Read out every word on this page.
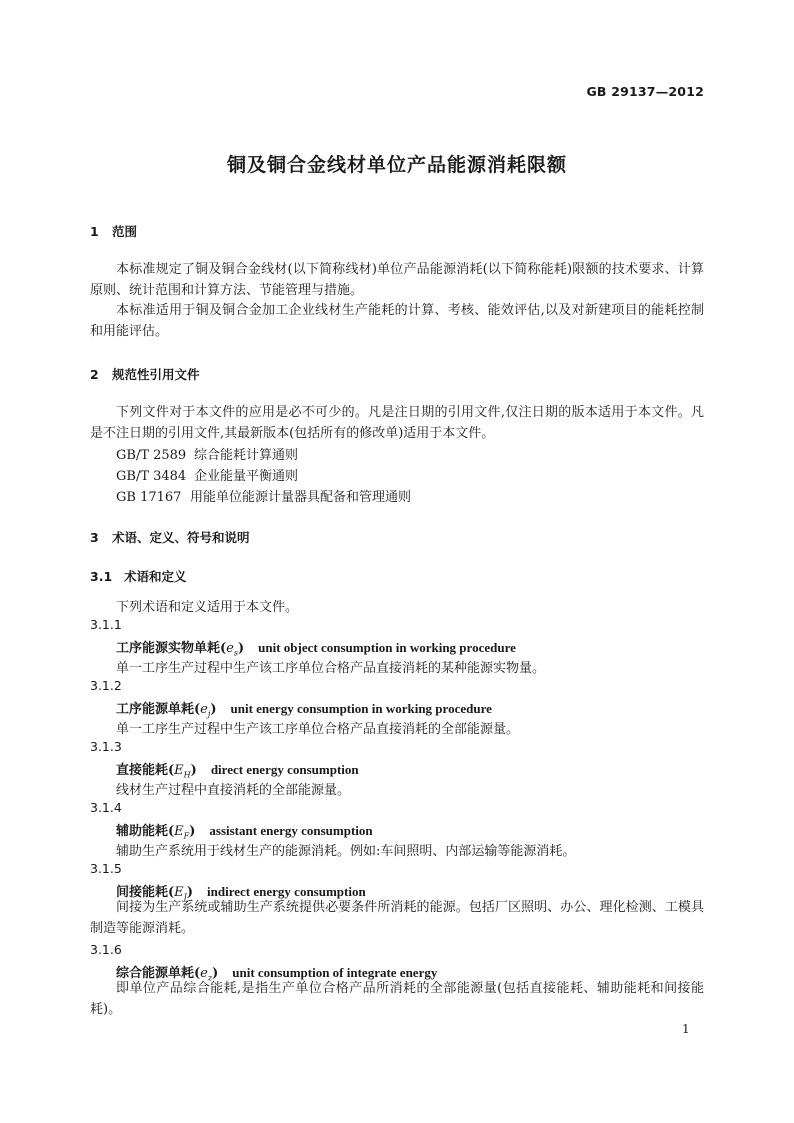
GB 29137—2012
铜及铜合金线材单位产品能源消耗限额
1 范围
本标准规定了铜及铜合金线材(以下简称线材)单位产品能源消耗(以下简称能耗)限额的技术要求、计算原则、统计范围和计算方法、节能管理与措施。
本标准适用于铜及铜合金加工企业线材生产能耗的计算、考核、能效评估,以及对新建项目的能耗控制和用能评估。
2 规范性引用文件
下列文件对于本文件的应用是必不可少的。凡是注日期的引用文件,仅注日期的版本适用于本文件。凡是不注日期的引用文件,其最新版本(包括所有的修改单)适用于本文件。
GB/T 2589 综合能耗计算通则
GB/T 3484 企业能量平衡通则
GB 17167 用能单位能源计量器具配备和管理通则
3 术语、定义、符号和说明
3.1 术语和定义
下列术语和定义适用于本文件。
3.1.1
工序能源实物单耗$(e_s)$ unit object consumption in working procedure
单一工序生产过程中生产该工序单位合格产品直接消耗的某种能源实物量。
3.1.2
工序能源单耗$(e_j)$ unit energy consumption in working procedure
单一工序生产过程中生产该工序单位合格产品直接消耗的全部能源量。
3.1.3
直接能耗$(E_H)$ direct energy consumption
线材生产过程中直接消耗的全部能源量。
3.1.4
辅助能耗$(E_F)$ assistant energy consumption
辅助生产系统用于线材生产的能源消耗。例如:车间照明、内部运输等能源消耗。
3.1.5
间接能耗$(E_J)$ indirect energy consumption
间接为生产系统或辅助生产系统提供必要条件所消耗的能源。包括厂区照明、办公、理化检测、工模具制造等能源消耗。
3.1.6
综合能源单耗$(e_z)$ unit consumption of integrate energy
即单位产品综合能耗,是指生产单位合格产品所消耗的全部能源量(包括直接能耗、辅助能耗和间接能耗)。
1
